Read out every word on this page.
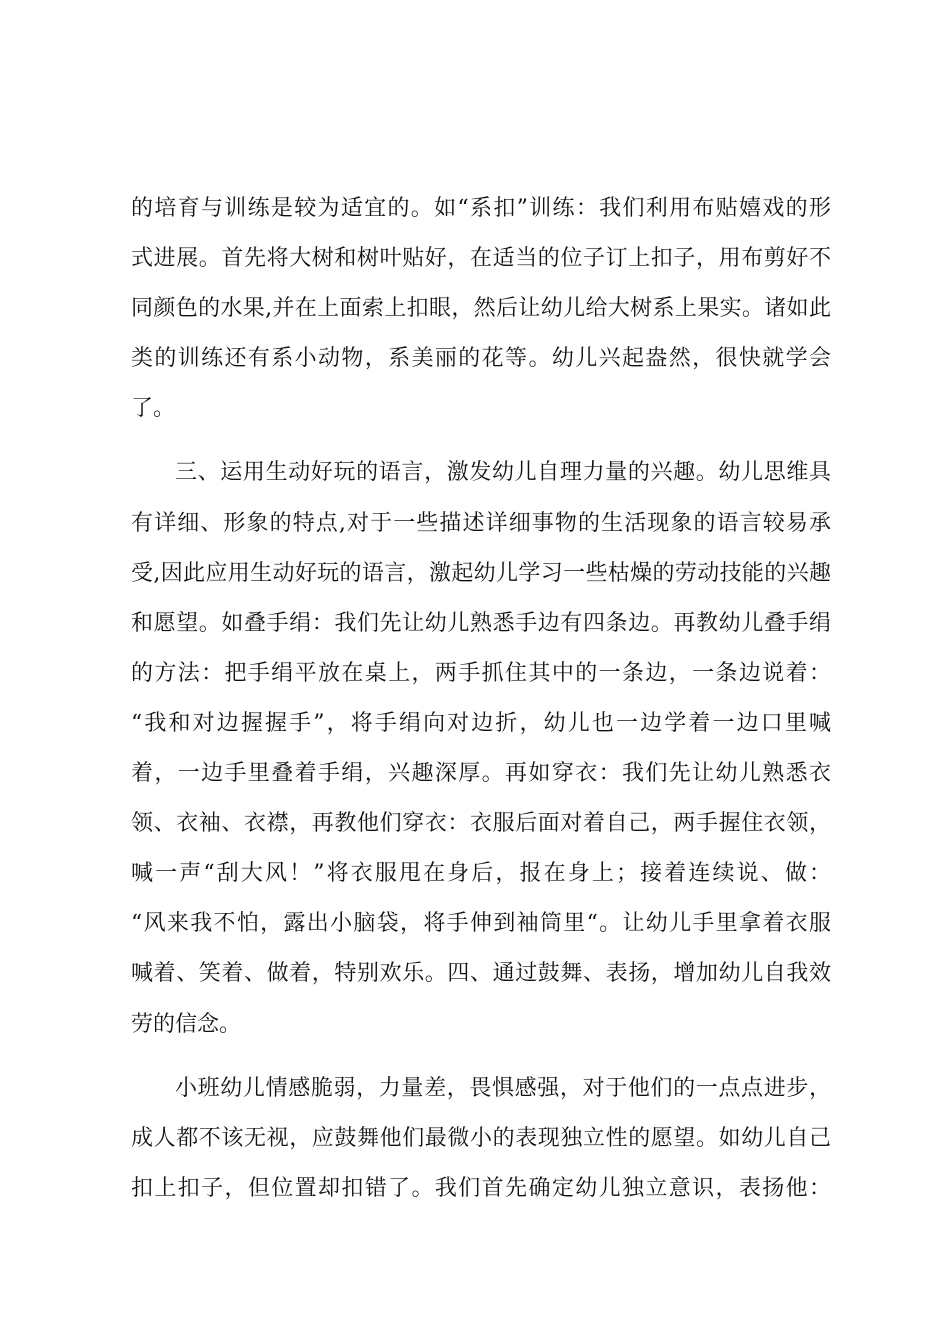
的培育与训练是较为适宜的。如“系扣”训练：我们利用布贴嬉戏的形
式进展。首先将大树和树叶贴好，在适当的位子订上扣子，用布剪好不
同颜色的水果,并在上面索上扣眼，然后让幼儿给大树系上果实。诸如此
类的训练还有系小动物，系美丽的花等。幼儿兴起盎然，很快就学会
了。
三、运用生动好玩的语言，激发幼儿自理力量的兴趣。幼儿思维具
有详细、形象的特点,对于一些描述详细事物的生活现象的语言较易承
受,因此应用生动好玩的语言，激起幼儿学习一些枯燥的劳动技能的兴趣
和愿望。如叠手绢：我们先让幼儿熟悉手边有四条边。再教幼儿叠手绢
的方法：把手绢平放在桌上，两手抓住其中的一条边，一条边说着：
“我和对边握握手”，将手绢向对边折，幼儿也一边学着一边口里喊
着，一边手里叠着手绢，兴趣深厚。再如穿衣：我们先让幼儿熟悉衣
领、衣袖、衣襟，再教他们穿衣：衣服后面对着自己，两手握住衣领，
喊一声“刮大风！”将衣服甩在身后，报在身上；接着连续说、做：
“风来我不怕，露出小脑袋，将手伸到袖筒里“。让幼儿手里拿着衣服
喊着、笑着、做着，特别欢乐。四、通过鼓舞、表扬，增加幼儿自我效
劳的信念。
小班幼儿情感脆弱，力量差，畏惧感强，对于他们的一点点进步，
成人都不该无视，应鼓舞他们最微小的表现独立性的愿望。如幼儿自己
扣上扣子，但位置却扣错了。我们首先确定幼儿独立意识，表扬他：
